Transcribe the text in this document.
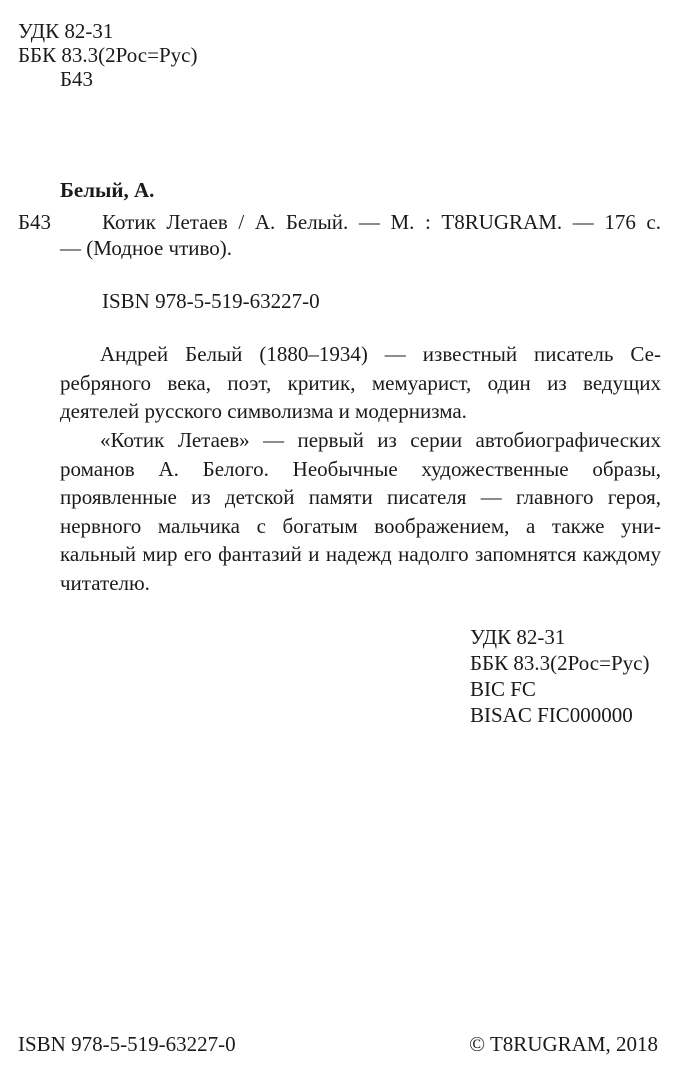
УДК 82-31
ББК 83.3(2Рос=Рус)
Б43
Белый, А.
Б43 Котик Летаев / А. Белый. — М. : T8RUGRAM. — 176 с.
— (Модное чтиво).
ISBN 978-5-519-63227-0
Андрей Белый (1880–1934) — известный писатель Се- ребряного века, поэт, критик, мемуарист, один из ведущих деятелей русского символизма и модернизма.
«Котик Летаев» — первый из серии автобиографических романов А. Белого. Необычные художественные образы, проявленные из детской памяти писателя — главного героя, нервного мальчика с богатым воображением, а также уни- кальный мир его фантазий и надежд надолго запомнятся каждому читателю.
УДК 82-31
ББК 83.3(2Рос=Рус)
BIC FC
BISAC FIC000000
ISBN 978-5-519-63227-0	© T8RUGRAM, 2018
